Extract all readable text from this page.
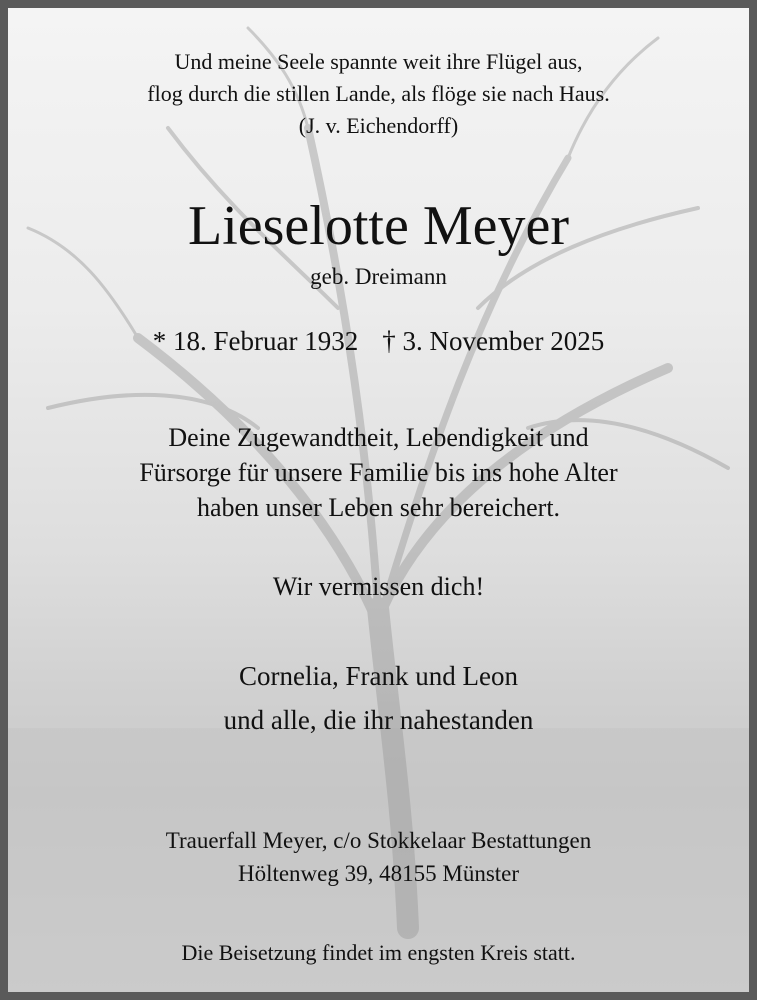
Und meine Seele spannte weit ihre Flügel aus,
flog durch die stillen Lande, als flöge sie nach Haus.
(J. v. Eichendorff)
Lieselotte Meyer
geb. Dreimann
* 18. Februar 1932 † 3. November 2025
Deine Zugewandtheit, Lebendigkeit und
Fürsorge für unsere Familie bis ins hohe Alter
haben unser Leben sehr bereichert.
Wir vermissen dich!
Cornelia, Frank und Leon
und alle, die ihr nahestanden
Trauerfall Meyer, c/o Stokkelaar Bestattungen
Höltenweg 39, 48155 Münster
Die Beisetzung findet im engsten Kreis statt.
